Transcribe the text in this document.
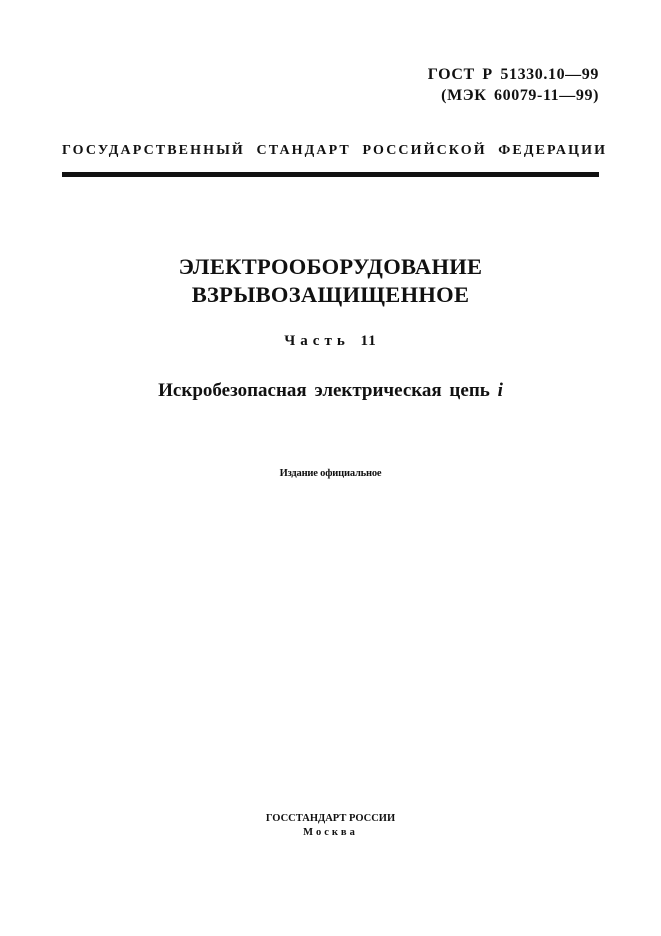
ГОСТ Р 51330.10—99
(МЭК 60079-11—99)
ГОСУДАРСТВЕННЫЙ СТАНДАРТ РОССИЙСКОЙ ФЕДЕРАЦИИ
ЭЛЕКТРООБОРУДОВАНИЕ
ВЗРЫВОЗАЩИЩЕННОЕ
Часть 11
Искробезопасная электрическая цепь i
Издание официальное
ГОССТАНДАРТ РОССИИ
Москва
